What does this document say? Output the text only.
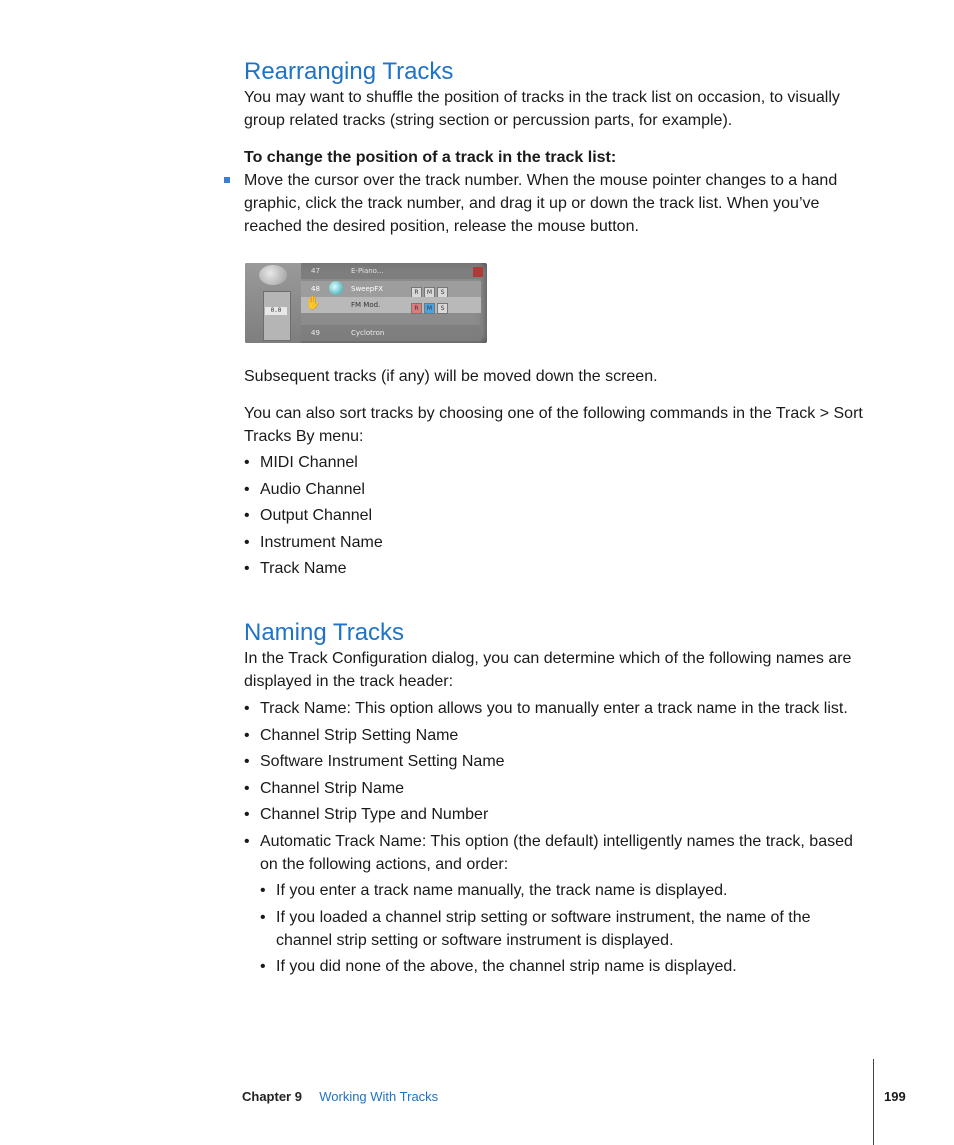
Rearranging Tracks

You may want to shuffle the position of tracks in the track list on occasion, to visually group related tracks (string section or percussion parts, for example).

To change the position of a track in the track list:

Move the cursor over the track number. When the mouse pointer changes to a hand graphic, click the track number, and drag it up or down the track list. When you’ve reached the desired position, release the mouse button.

0.0
47	E-Piano...
48	SweepFX	R M S
FM Mod.	R M S
✋
49	Cyclotron

Subsequent tracks (if any) will be moved down the screen.

You can also sort tracks by choosing one of the following commands in the Track > Sort Tracks By menu:

• MIDI Channel
• Audio Channel
• Output Channel
• Instrument Name
• Track Name
Naming Tracks

In the Track Configuration dialog, you can determine which of the following names are displayed in the track header:

• Track Name: This option allows you to manually enter a track name in the track list.
• Channel Strip Setting Name
• Software Instrument Setting Name
• Channel Strip Name
• Channel Strip Type and Number
• Automatic Track Name: This option (the default) intelligently names the track, based on the following actions, and order:
• If you enter a track name manually, the track name is displayed.
• If you loaded a channel strip setting or software instrument, the name of the channel strip setting or software instrument is displayed.
• If you did none of the above, the channel strip name is displayed.
Chapter 9 Working With Tracks	199
